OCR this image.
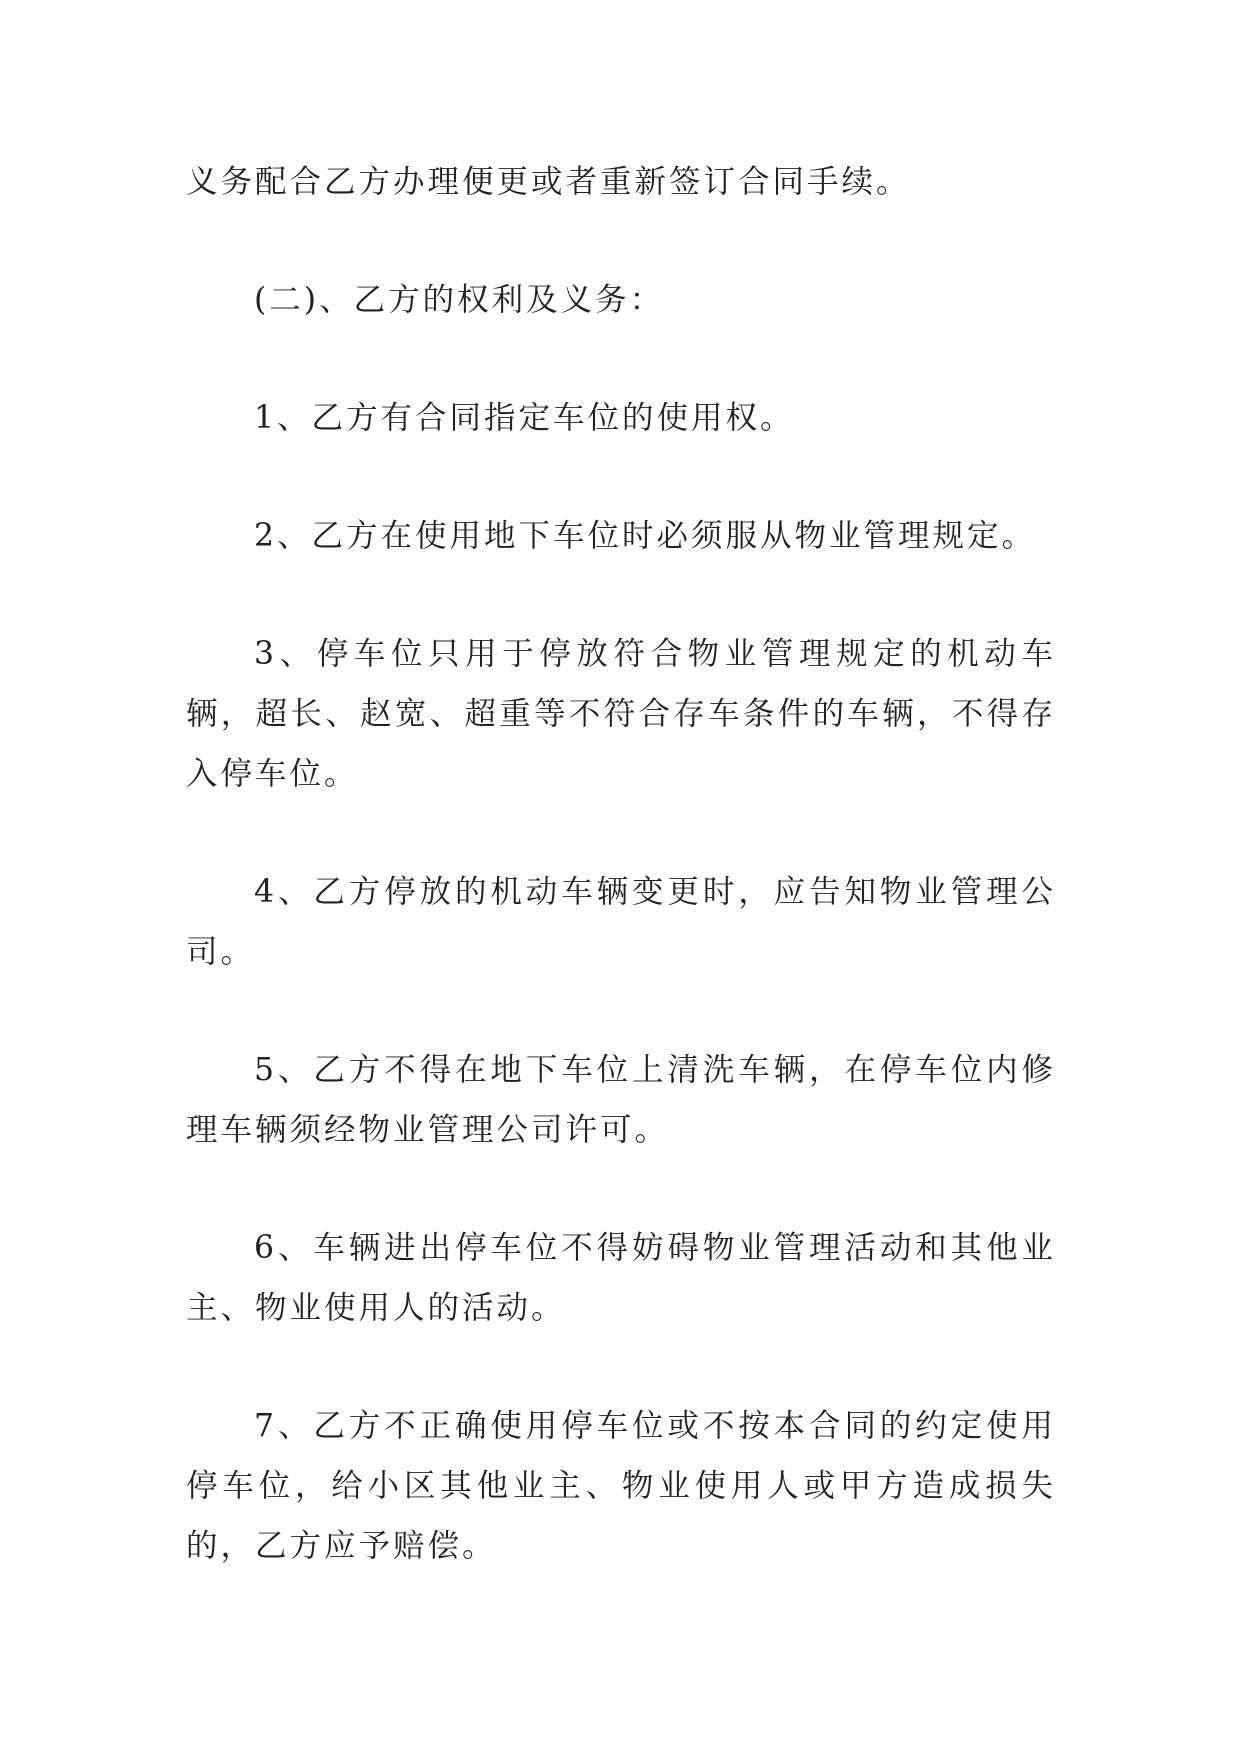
义务配合乙方办理便更或者重新签订合同手续。

(二)、乙方的权利及义务：

1、乙方有合同指定车位的使用权。

2、乙方在使用地下车位时必须服从物业管理规定。

3、停车位只用于停放符合物业管理规定的机动车辆，超长、赵宽、超重等不符合存车条件的车辆，不得存入停车位。

4、乙方停放的机动车辆变更时，应告知物业管理公司。

5、乙方不得在地下车位上清洗车辆，在停车位内修理车辆须经物业管理公司许可。

6、车辆进出停车位不得妨碍物业管理活动和其他业主、物业使用人的活动。

7、乙方不正确使用停车位或不按本合同的约定使用停车位，给小区其他业主、物业使用人或甲方造成损失的，乙方应予赔偿。
